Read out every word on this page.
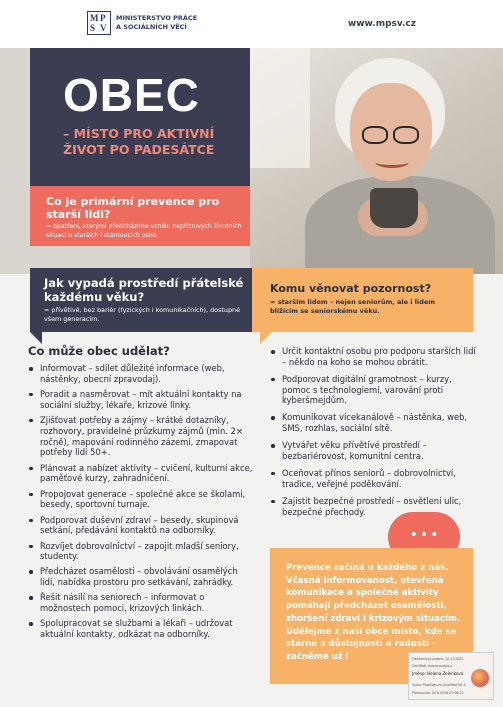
M P
S V
MINISTERSTVO PRÁCE
A SOCIÁLNÍCH VĚCÍ	www.mpsv.cz
OBEC
– MÍSTO PRO AKTIVNÍ ŽIVOT PO PADESÁTCE
Co je primární prevence pro starší lidi?
= opatření, kterými předcházíme vzniku nepříznivých životních situací u starších i stárnoucích osob.
Jak vypadá prostředí přátelské každému věku?
= přívětivé, bez bariér (fyzických i komunikačních), dostupné všem generacím.
Komu věnovat pozornost?
= starším lidem – nejen seniorům, ale i lidem blížícím se seniorskému věku.
Co může obec udělat?
Informovat – sdílet důležité informace (web, nástěnky, obecní zpravodaj).
Poradit a nasměrovat – mít aktuální kontakty na sociální služby, lékaře, krizové linky.
Zjišťovat potřeby a zájmy – krátké dotazníky, rozhovory, pravidelné průzkumy zájmů (min. 2× ročně), mapování rodinného zázemí, zmapovat potřeby lidí 50+.
Plánovat a nabízet aktivity – cvičení, kulturní akce, paměťové kurzy, zahradničení.
Propojovat generace – společné akce se školami, besedy, sportovní turnaje.
Podporovat duševní zdraví – besedy, skupinová setkání, předávání kontaktů na odborníky.
Rozvíjet dobrovolnictví – zapojit mladší seniory, studenty.
Předcházet osamělosti – obvolávání osamělých lidí, nabídka prostoru pro setkávání, zahrádky.
Řešit násilí na seniorech – informovat o možnostech pomoci, krizových linkách.
Spolupracovat se službami a lékaři – udržovat aktuální kontakty, odkázat na odborníky.
Určit kontaktní osobu pro podporu starších lidí – někdo na koho se mohou obrátit.
Podporovat digitální gramotnost – kurzy, pomoc s technologiemi, varování proti kyberšmejdům.
Komunikovat vícekanálově – nástěnka, web, SMS, rozhlas, sociální sítě.
Vytvářet věku přívětivé prostředí – bezbariérovost, komunitní centra.
Oceňovat přínos seniorů – dobrovolnictví, tradice, veřejné poděkování.
Zajistit bezpečné prostředí – osvětlení ulic, bezpečné přechody.
•••
Prevence začíná u každého z nás. Včasná informovanost, otevřená komunikace a společné aktivity pomáhají předcházet osamělosti, zhoršení zdraví i krizovým situacím. Udělejme z naší obce místo, kde se stárne s důstojností a radostí – začněme už i	Elektronický podpis: 12.12.2025
Certifikát autora podpisu:
Jméno: Helena Zelenková
Vydal: PostSignum Qualified CA 4
Platnost do: 20.6.2026 07:08:20
